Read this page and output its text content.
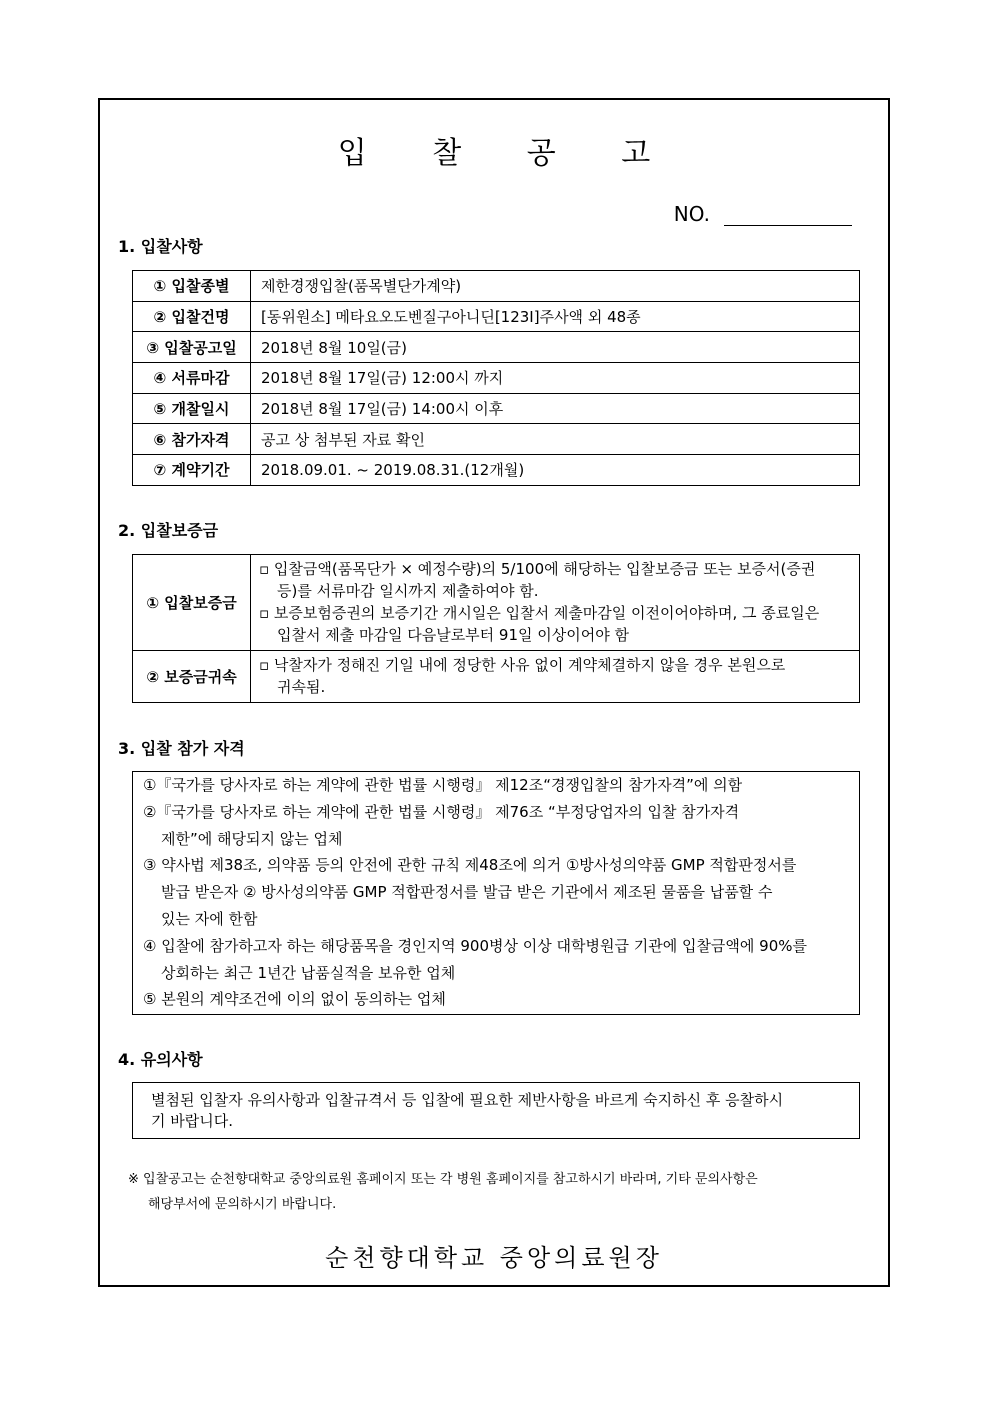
입 찰 공 고
NO.
1. 입찰사항
① 입찰종별	제한경쟁입찰(품목별단가계약)
② 입찰건명	[동위원소] 메타요오도벤질구아니딘[123I]주사액 외 48종
③ 입찰공고일	2018년 8월 10일(금)
④ 서류마감	2018년 8월 17일(금) 12:00시 까지
⑤ 개찰일시	2018년 8월 17일(금) 14:00시 이후
⑥ 참가자격	공고 상 첨부된 자료 확인
⑦ 계약기간	2018.09.01. ~ 2019.08.31.(12개월)
2. 입찰보증금
① 입찰보증금	▫ 입찰금액(품목단가 × 예정수량)의 5/100에 해당하는 입찰보증금 또는 보증서(증권
등)를 서류마감 일시까지 제출하여야 함.
▫ 보증보험증권의 보증기간 개시일은 입찰서 제출마감일 이전이어야하며, 그 종료일은
입찰서 제출 마감일 다음날로부터 91일 이상이어야 함

② 보증금귀속	▫ 낙찰자가 정해진 기일 내에 정당한 사유 없이 계약체결하지 않을 경우 본원으로
귀속됨.
3. 입찰 참가 자격

①『국가를 당사자로 하는 계약에 관한 법률 시행령』 제12조“경쟁입찰의 참가자격”에 의함

②『국가를 당사자로 하는 계약에 관한 법률 시행령』 제76조 “부정당업자의 입찰 참가자격

제한”에 해당되지 않는 업체

③ 약사법 제38조, 의약품 등의 안전에 관한 규칙 제48조에 의거 ①방사성의약품 GMP 적합판정서를

발급 받은자 ② 방사성의약품 GMP 적합판정서를 발급 받은 기관에서 제조된 물품을 납품할 수

있는 자에 한함

④ 입찰에 참가하고자 하는 해당품목을 경인지역 900병상 이상 대학병원급 기관에 입찰금액에 90%를

상회하는 최근 1년간 납품실적을 보유한 업체

⑤ 본원의 계약조건에 이의 없이 동의하는 업체

4. 유의사항
별첨된 입찰자 유의사항과 입찰규격서 등 입찰에 필요한 제반사항을 바르게 숙지하신 후 응찰하시
기 바랍니다.
※ 입찰공고는 순천향대학교 중앙의료원 홈페이지 또는 각 병원 홈페이지를 참고하시기 바라며, 기타 문의사항은
해당부서에 문의하시기 바랍니다.
순천향대학교 중앙의료원장
